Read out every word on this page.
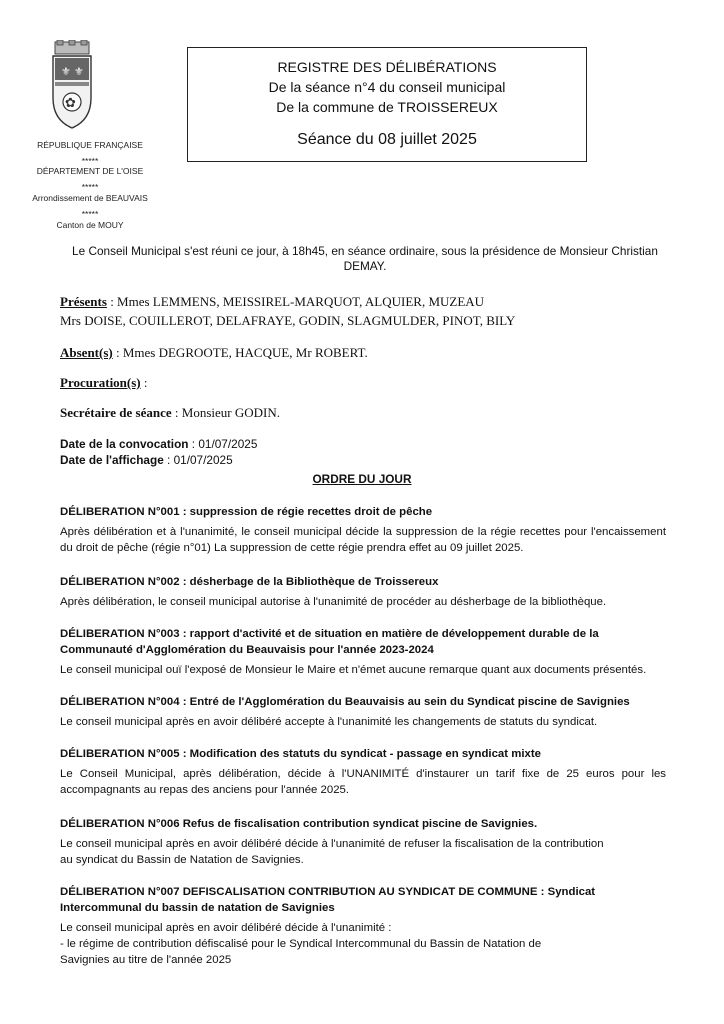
⚜ ⚜
✿
RÉPUBLIQUE FRANÇAISE
*****
DÉPARTEMENT DE L'OISE
*****
Arrondissement de BEAUVAIS
*****
Canton de MOUY
REGISTRE DES DÉLIBÉRATIONS
De la séance n°4 du conseil municipal
De la commune de TROISSEREUX
Séance du 08 juillet 2025
Le Conseil Municipal s'est réuni ce jour, à 18h45, en séance ordinaire, sous la présidence de Monsieur Christian DEMAY.
Présents : Mmes LEMMENS, MEISSIREL-MARQUOT, ALQUIER, MUZEAU
Mrs DOISE, COUILLEROT, DELAFRAYE, GODIN, SLAGMULDER, PINOT, BILY
Absent(s) : Mmes DEGROOTE, HACQUE, Mr ROBERT.
Procuration(s) :
Secrétaire de séance : Monsieur GODIN.
Date de la convocation : 01/07/2025
Date de l'affichage : 01/07/2025
ORDRE DU JOUR
DÉLIBERATION N°001 : suppression de régie recettes droit de pêche
Après délibération et à l'unanimité, le conseil municipal décide la suppression de la régie recettes pour l'encaissement du droit de pêche (régie n°01) La suppression de cette régie prendra effet au 09 juillet 2025.
DÉLIBERATION N°002 : désherbage de la Bibliothèque de Troissereux
Après délibération, le conseil municipal autorise à l'unanimité de procéder au désherbage de la bibliothèque.
DÉLIBERATION N°003 : rapport d'activité et de situation en matière de développement durable de la Communauté d'Agglomération du Beauvaisis pour l'année 2023-2024
Le conseil municipal ouï l'exposé de Monsieur le Maire et n'émet aucune remarque quant aux documents présentés.
DÉLIBERATION N°004 : Entré de l'Agglomération du Beauvaisis au sein du Syndicat piscine de Savignies
Le conseil municipal après en avoir délibéré accepte à l'unanimité les changements de statuts du syndicat.
DÉLIBERATION N°005 : Modification des statuts du syndicat - passage en syndicat mixte
Le Conseil Municipal, après délibération, décide à l'UNANIMITÉ d'instaurer un tarif fixe de 25 euros pour les accompagnants au repas des anciens pour l'année 2025.
DÉLIBERATION N°006 Refus de fiscalisation contribution syndicat piscine de Savignies.
Le conseil municipal après en avoir délibéré décide à l'unanimité de refuser la fiscalisation de la contribution
au syndicat du Bassin de Natation de Savignies.
DÉLIBERATION N°007 DEFISCALISATION CONTRIBUTION AU SYNDICAT DE COMMUNE : Syndicat Intercommunal du bassin de natation de Savignies
Le conseil municipal après en avoir délibéré décide à l'unanimité :
- le régime de contribution défiscalisé pour le Syndical Intercommunal du Bassin de Natation de
Savignies au titre de l'année 2025
